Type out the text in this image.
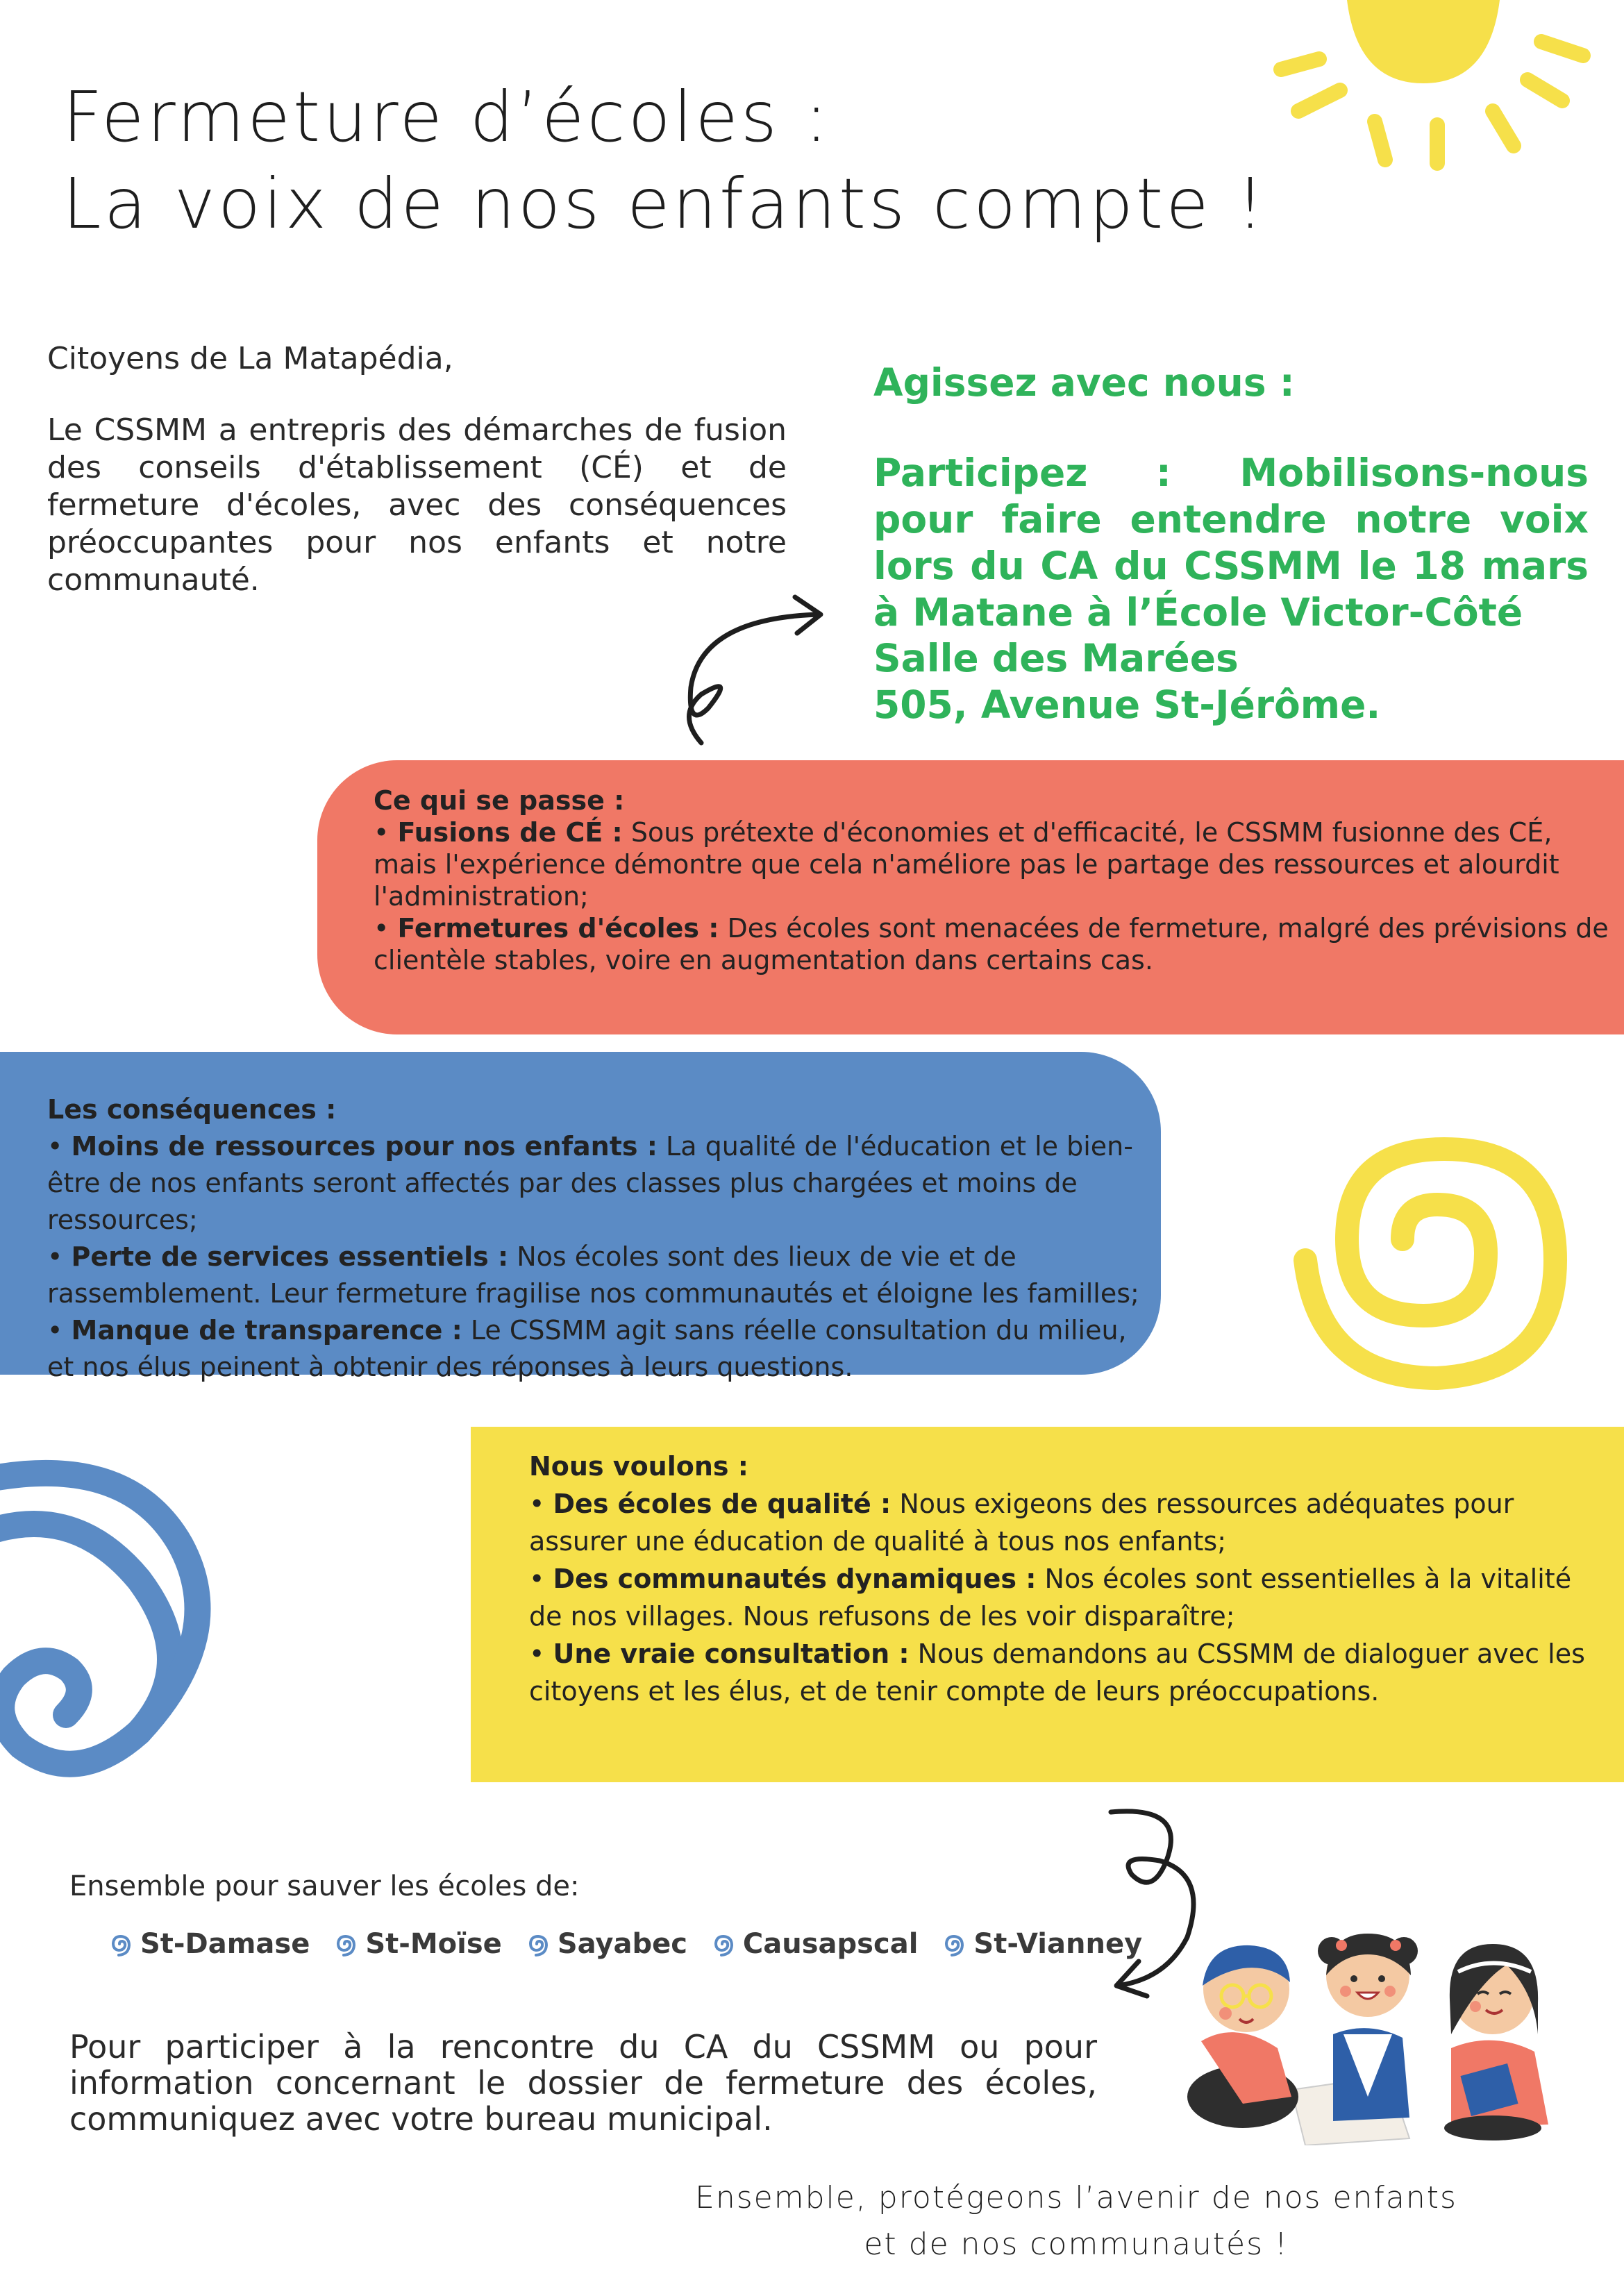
Fermeture d’écoles :
La voix de nos enfants compte !
Citoyens de La Matapédia,
Le CSSMM a entrepris des démarches de fusion des conseils d'établissement (CÉ) et de fermeture d'écoles, avec des conséquences préoccupantes pour nos enfants et notre communauté.
Agissez avec nous :
Participez : Mobilisons-nous pour faire entendre notre voix lors du CA du CSSMM le 18 mars à Matane à l’École Victor-Côté
Salle des Marées
505, Avenue St-Jérôme.

Ce qui se passe :

• Fusions de CÉ : Sous prétexte d'économies et d'efficacité, le CSSMM fusionne des CÉ, mais l'expérience démontre que cela n'améliore pas le partage des ressources et alourdit l'administration;

• Fermetures d'écoles : Des écoles sont menacées de fermeture, malgré des prévisions de clientèle stables, voire en augmentation dans certains cas.

Les conséquences :

• Moins de ressources pour nos enfants : La qualité de l'éducation et le bien-être de nos enfants seront affectés par des classes plus chargées et moins de ressources;

• Perte de services essentiels : Nos écoles sont des lieux de vie et de rassemblement. Leur fermeture fragilise nos communautés et éloigne les familles;

• Manque de transparence : Le CSSMM agit sans réelle consultation du milieu, et nos élus peinent à obtenir des réponses à leurs questions.

Nous voulons :

• Des écoles de qualité : Nous exigeons des ressources adéquates pour assurer une éducation de qualité à tous nos enfants;

• Des communautés dynamiques : Nos écoles sont essentielles à la vitalité de nos villages. Nous refusons de les voir disparaître;

• Une vraie consultation : Nous demandons au CSSMM de dialoguer avec les citoyens et les élus, et de tenir compte de leurs préoccupations.

Ensemble pour sauver les écoles de:
St-Damase St-Moïse Sayabec Causapscal St-Vianney
Pour participer à la rencontre du CA du CSSMM ou pour information concernant le dossier de fermeture des écoles, communiquez avec votre bureau municipal.
Ensemble, protégeons l’avenir de nos enfants
et de nos communautés !
